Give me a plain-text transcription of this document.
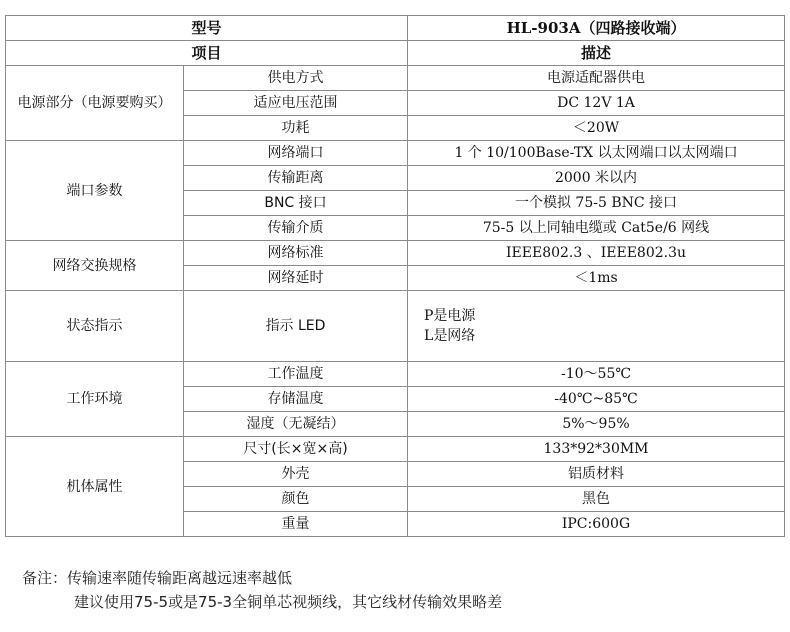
型号		HL-903A（四路接收端）
项目		描述
电源部分（电源要购买）	供电方式	电源适配器供电
	适应电压范围	DC 12V 1A
	功耗	＜20W
端口参数	网络端口	1 个 10/100Base-TX 以太网端口以太网端口
	传输距离	2000 米以内
	BNC 接口	一个模拟 75-5 BNC 接口
	传输介质	75-5 以上同轴电缆或 Cat5e/6 网线
网络交换规格	网络标准	IEEE802.3 、IEEE802.3u
	网络延时	＜1ms
状态指示	指示 LED	P是电源
L是网络

工作环境	工作温度	-10～55℃
	存储温度	-40℃~85℃
	湿度（无凝结）	5%～95%
机体属性	尺寸(长×宽×高)	133*92*30MM
	外壳	铝质材料
	颜色	黑色
	重量	IPC:600G
备注：传输速率随传输距离越远速率越低
建议使用75-5或是75-3全铜单芯视频线，其它线材传输效果略差
